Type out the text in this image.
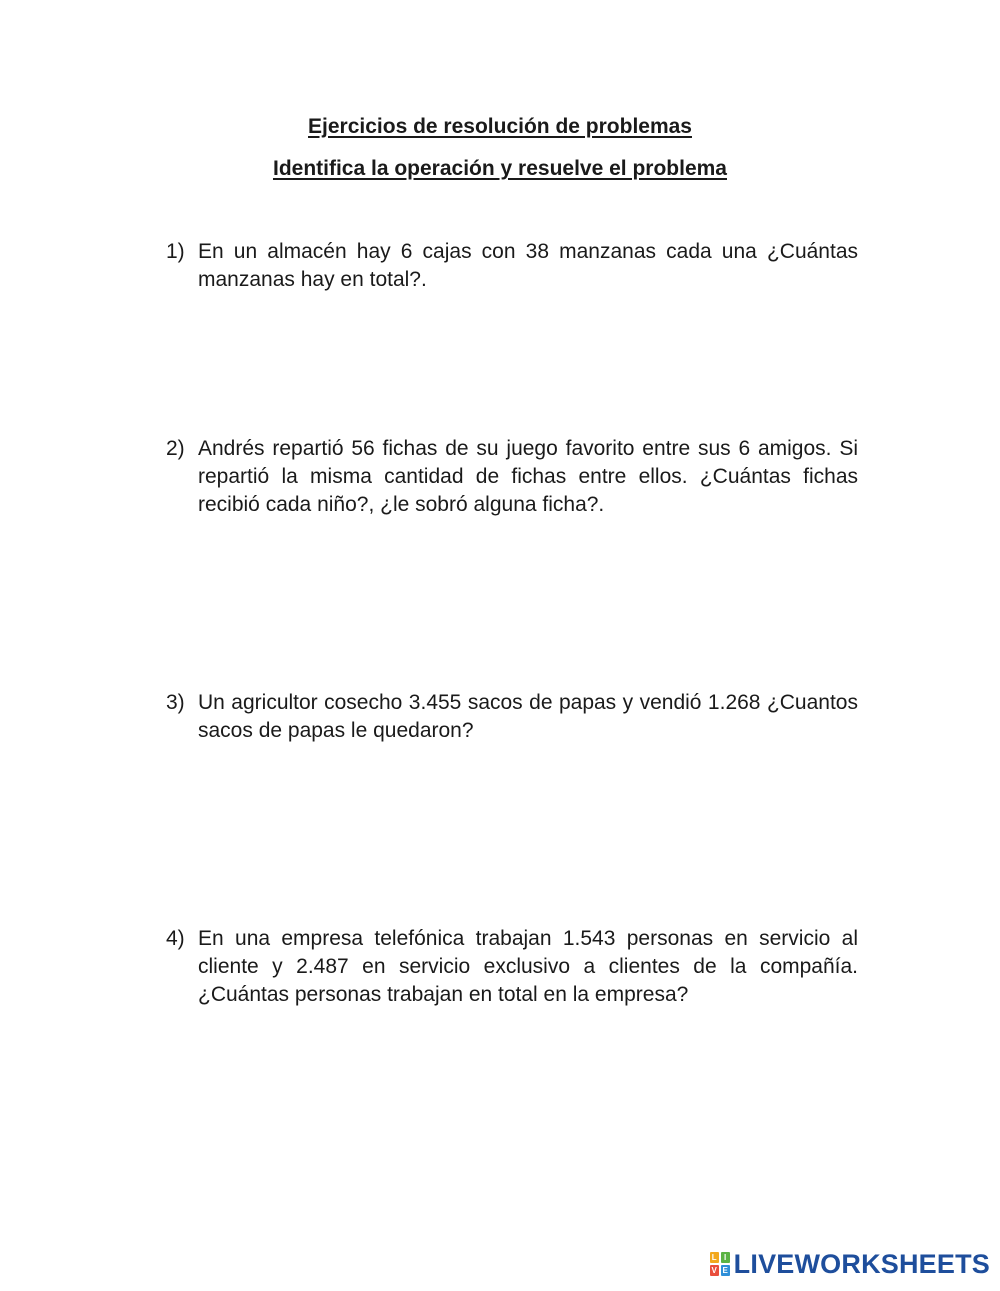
Ejercicios de resolución de problemas
Identifica la operación y resuelve el problema
1) En un almacén hay 6 cajas con 38 manzanas cada una ¿Cuántas manzanas hay en total?.
2) Andrés repartió 56 fichas de su juego favorito entre sus 6 amigos. Si repartió la misma cantidad de fichas entre ellos. ¿Cuántas fichas recibió cada niño?, ¿le sobró alguna ficha?.
3) Un agricultor cosecho 3.455 sacos de papas y vendió 1.268 ¿Cuantos sacos de papas le quedaron?
4) En una empresa telefónica trabajan 1.543 personas en servicio al cliente y 2.487 en servicio exclusivo a clientes de la compañía. ¿Cuántas personas trabajan en total en la empresa?
L I
V E LIVEWORKSHEETS
